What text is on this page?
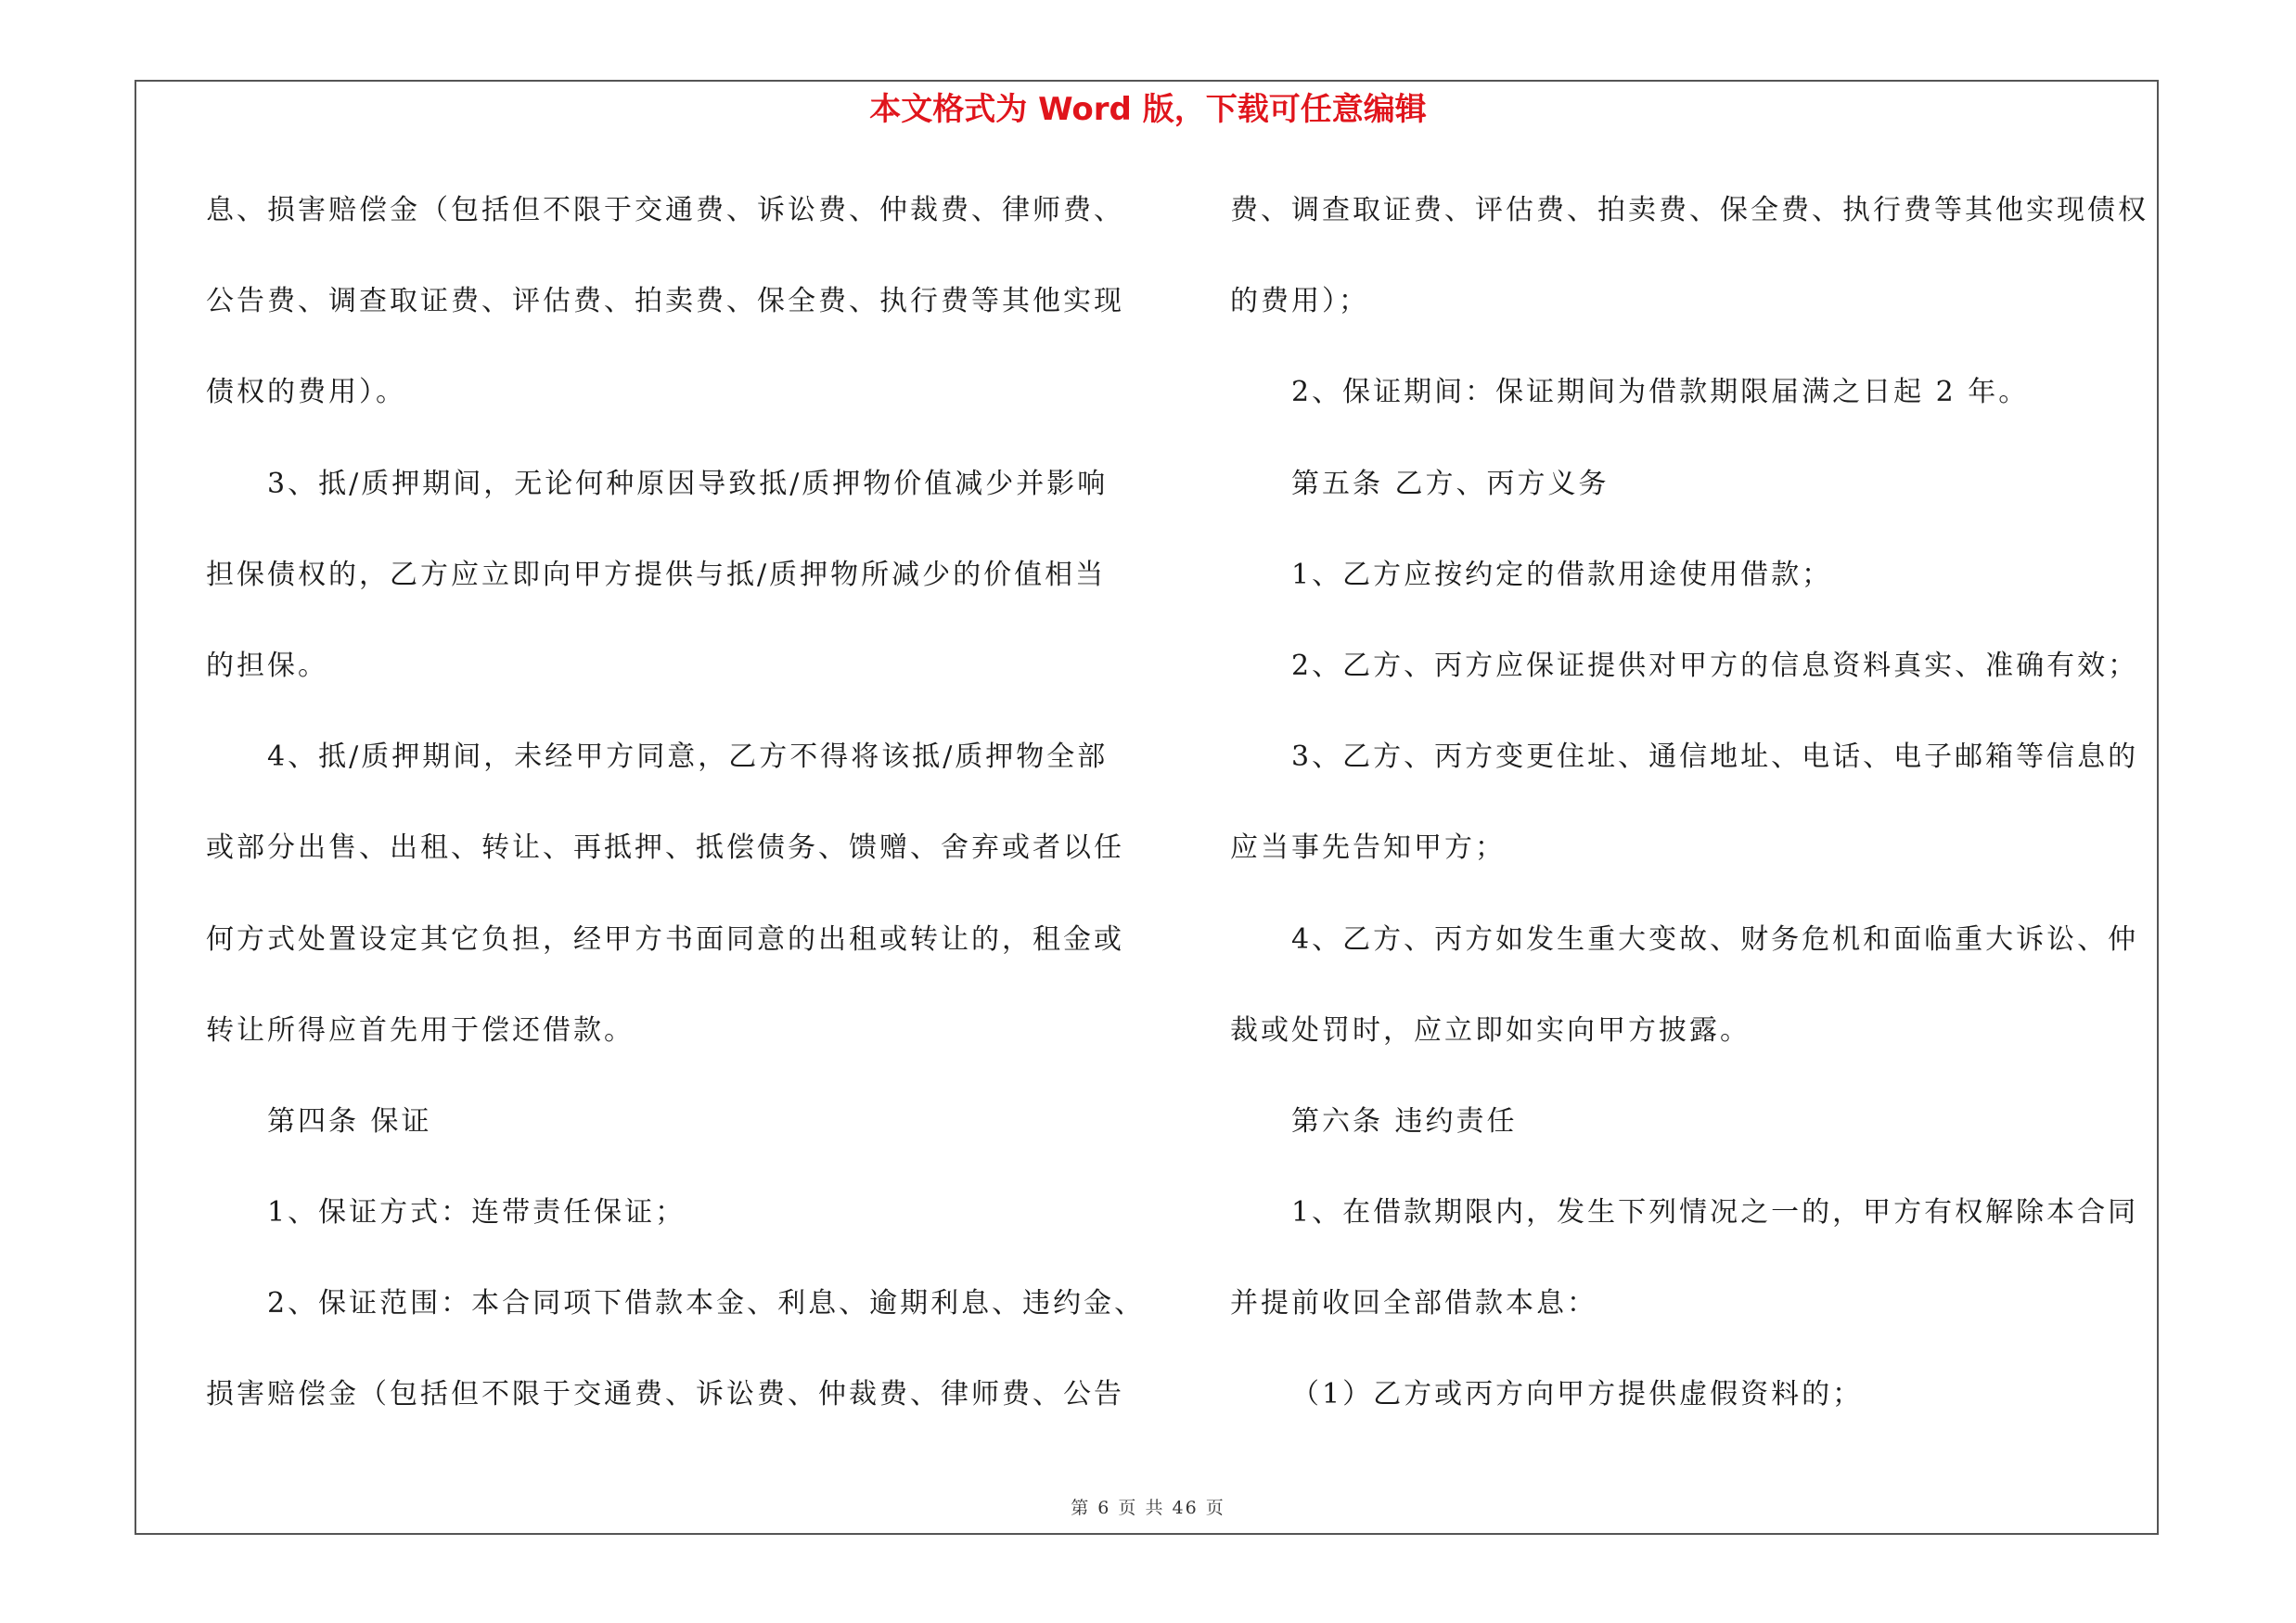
本文格式为 Word 版，下载可任意编辑
息、损害赔偿金（包括但不限于交通费、诉讼费、仲裁费、律师费、
公告费、调查取证费、评估费、拍卖费、保全费、执行费等其他实现
债权的费用）。
3、抵/质押期间，无论何种原因导致抵/质押物价值减少并影响
担保债权的，乙方应立即向甲方提供与抵/质押物所减少的价值相当
的担保。
4、抵/质押期间，未经甲方同意，乙方不得将该抵/质押物全部
或部分出售、出租、转让、再抵押、抵偿债务、馈赠、舍弃或者以任
何方式处置设定其它负担，经甲方书面同意的出租或转让的，租金或
转让所得应首先用于偿还借款。
第四条 保证
1、保证方式：连带责任保证；
2、保证范围：本合同项下借款本金、利息、逾期利息、违约金、
损害赔偿金（包括但不限于交通费、诉讼费、仲裁费、律师费、公告
费、调查取证费、评估费、拍卖费、保全费、执行费等其他实现债权
的费用）；
2、保证期间：保证期间为借款期限届满之日起 2 年。
第五条 乙方、丙方义务
1、乙方应按约定的借款用途使用借款；
2、乙方、丙方应保证提供对甲方的信息资料真实、准确有效；
3、乙方、丙方变更住址、通信地址、电话、电子邮箱等信息的
应当事先告知甲方；
4、乙方、丙方如发生重大变故、财务危机和面临重大诉讼、仲
裁或处罚时，应立即如实向甲方披露。
第六条 违约责任
1、在借款期限内，发生下列情况之一的，甲方有权解除本合同
并提前收回全部借款本息：
（1）乙方或丙方向甲方提供虚假资料的；
第 6 页 共 46 页
